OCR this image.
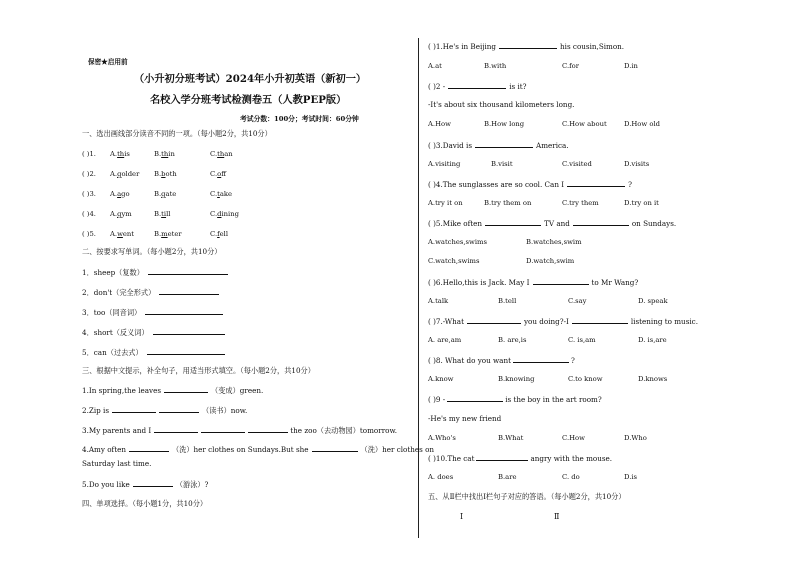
保密★启用前
（小升初分班考试）2024年小升初英语（新初一）
名校入学分班考试检测卷五（人教PEP版）
考试分数：100分；考试时间：60分钟
一、选出画线部分读音不同的一项。（每小题2分，共10分）
( )1. A.this	B.thin	C.than
( )2. A.golder B.both	C.off
( )3. A.ago	B.gate	C.take
( )4. A.gym	B.till	C.dining
( )5. A.went	B.meter	C.fell
二、按要求写单词。（每小题2分，共10分）
1．sheep（复数）
2．don't（完全形式）
3．too（同音词）
4．short（反义词）
5．can（过去式）
三、根据中文提示，补全句子，用适当形式填空。（每小题2分，共10分）
1.In spring,the leaves	（变成）green.
2.Zip is	（读书）now.
3.My parents and I	the zoo（去动物园）tomorrow.
4.Amy often	（洗）her clothes on Sundays.But she	（洗）her clothes on
Saturday last time.
5.Do you like	（游泳）?
四、单项选择。（每小题1分，共10分）
( )1.He's in Beijing	his cousin,Simon.
A.at	B.with	C.for	D.in
( )2 -	is it?
-It's about six thousand kilometers long.
A.How	B.How long	C.How about	D.How old
( )3.David is	America.
A.visiting	B.visit	C.visited	D.visits
( )4.The sunglasses are so cool. Can I	?
A.try it on	B.try them on	C.try them	D.try on it
( )5.Mike often	TV and	on Sundays.
A.watches,swims	B.watches,swim
C.watch,swims	D.watch,swim
( )6.Hello,this is Jack. May I	to Mr Wang?
A.talk	B.tell	C.say	D. speak
( )7.-What	you doing?-I	listening to music.
A. are,am	B. are,is	C. is,am	D. is,are
( )8. What do you want	?
A.know	B.knowing	C.to know	D.knows
( )9 -	is the boy in the art room?
-He's my new friend
A.Who's	B.What	C.How	D.Who
( )10.The cat	angry with the mouse.
A. does	B.are	C. do	D.is
五、从Ⅱ栏中找出Ⅰ栏句子对应的答语。（每小题2分，共10分）
Ⅰ	Ⅱ
